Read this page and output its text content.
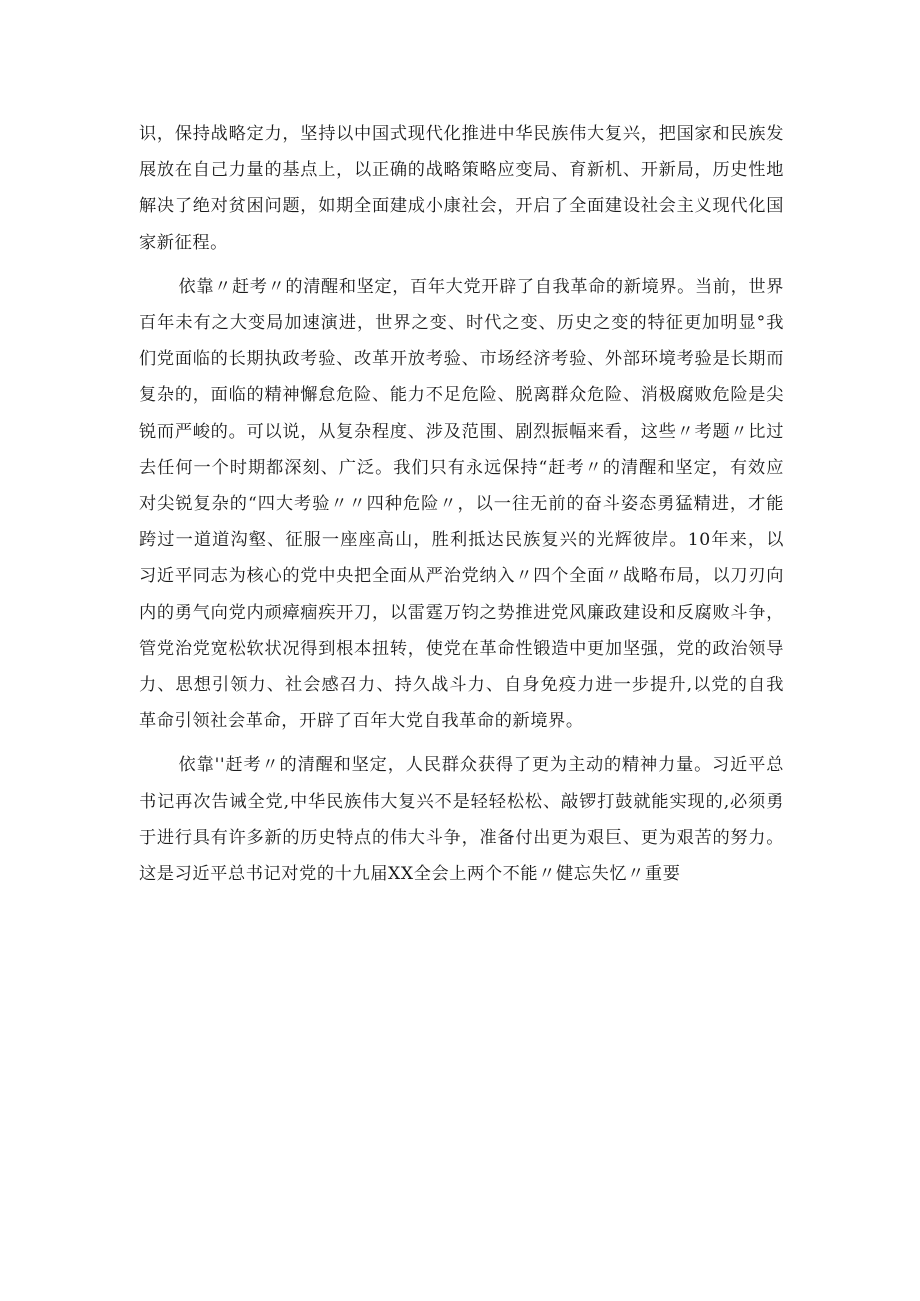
识，保持战略定力，坚持以中国式现代化推进中华民族伟大复兴，把国家和民族发展放在自己力量的基点上，以正确的战略策略应变局、育新机、开新局，历史性地解决了绝对贫困问题，如期全面建成小康社会，开启了全面建设社会主义现代化国家新征程。

依靠〃赶考〃的清醒和坚定，百年大党开辟了自我革命的新境界。当前，世界百年未有之大变局加速演进，世界之变、时代之变、历史之变的特征更加明显°我们党面临的长期执政考验、改革开放考验、市场经济考验、外部环境考验是长期而复杂的，面临的精神懈怠危险、能力不足危险、脱离群众危险、消极腐败危险是尖锐而严峻的。可以说，从复杂程度、涉及范围、剧烈振幅来看，这些〃考题〃比过去任何一个时期都深刻、广泛。我们只有永远保持“赶考〃的清醒和坚定，有效应对尖锐复杂的“四大考验〃〃四种危险〃，以一往无前的奋斗姿态勇猛精进，才能跨过一道道沟壑、征服一座座高山，胜利抵达民族复兴的光辉彼岸。10年来，以习近平同志为核心的党中央把全面从严治党纳入〃四个全面〃战略布局，以刀刃向内的勇气向党内顽瘴痼疾开刀，以雷霆万钧之势推进党风廉政建设和反腐败斗争，管党治党宽松软状况得到根本扭转，使党在革命性锻造中更加坚强，党的政治领导力、思想引领力、社会感召力、持久战斗力、自身免疫力进一步提升,以党的自我革命引领社会革命，开辟了百年大党自我革命的新境界。

依靠''赶考〃的清醒和坚定，人民群众获得了更为主动的精神力量。习近平总书记再次告诫全党,中华民族伟大复兴不是轻轻松松、敲锣打鼓就能实现的,必须勇于进行具有许多新的历史特点的伟大斗争，准备付出更为艰巨、更为艰苦的努力。这是习近平总书记对党的十九届XX全会上两个不能〃健忘失忆〃重要
